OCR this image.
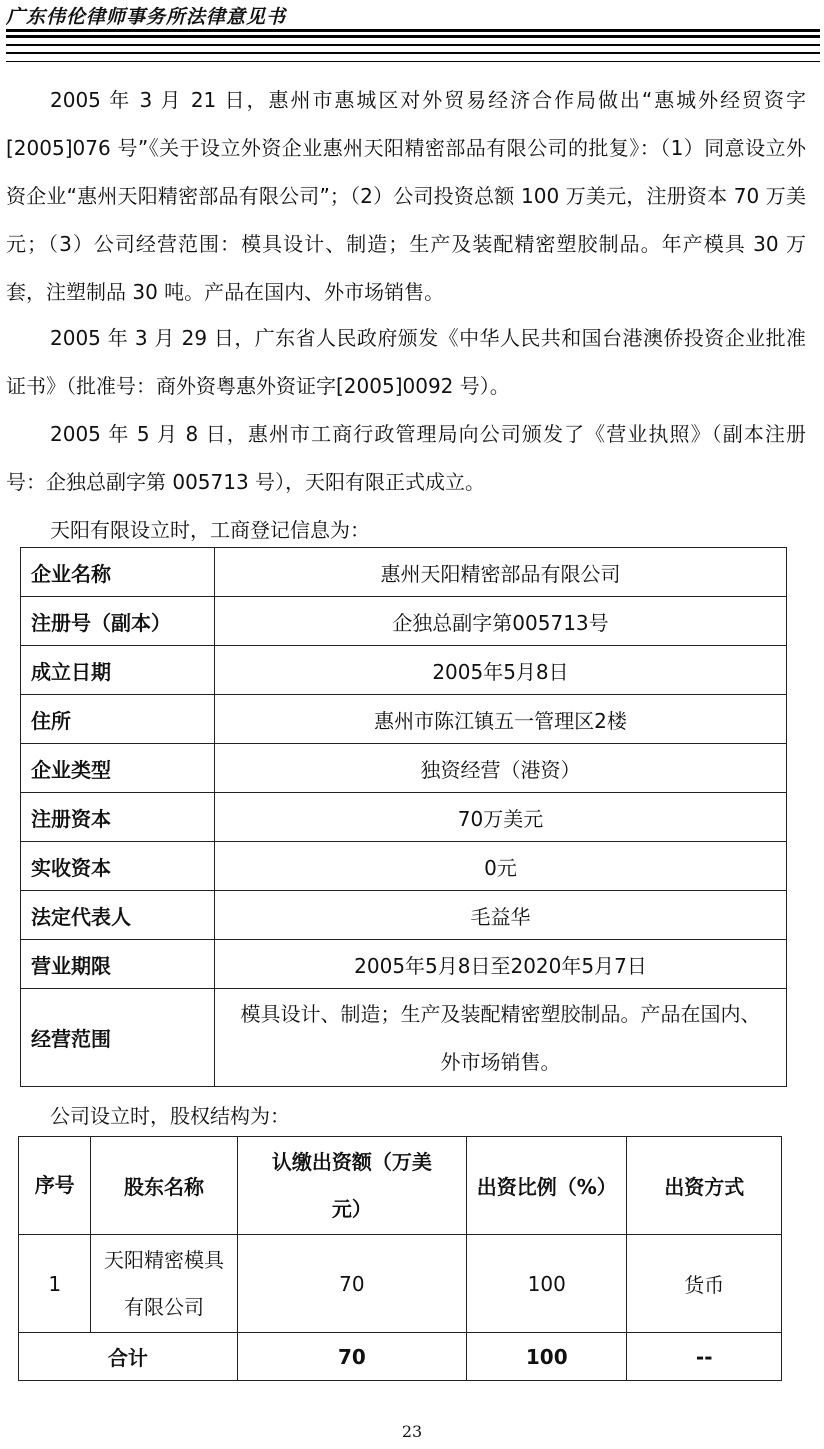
广东伟伦律师事务所法律意见书

2005 年 3 月 21 日，惠州市惠城区对外贸易经济合作局做出“惠城外经贸资字[2005]076 号”《关于设立外资企业惠州天阳精密部品有限公司的批复》：（1）同意设立外资企业“惠州天阳精密部品有限公司”；（2）公司投资总额 100 万美元，注册资本 70 万美元；（3）公司经营范围：模具设计、制造；生产及装配精密塑胶制品。年产模具 30 万套，注塑制品 30 吨。产品在国内、外市场销售。

2005 年 3 月 29 日，广东省人民政府颁发《中华人民共和国台港澳侨投资企业批准证书》（批准号：商外资粤惠外资证字[2005]0092 号）。

2005 年 5 月 8 日，惠州市工商行政管理局向公司颁发了《营业执照》（副本注册号：企独总副字第 005713 号），天阳有限正式成立。

天阳有限设立时，工商登记信息为：

企业名称	惠州天阳精密部品有限公司
注册号（副本）	企独总副字第005713号
成立日期	2005年5月8日
住所	惠州市陈江镇五一管理区2楼
企业类型	独资经营（港资）
注册资本	70万美元
实收资本	0元
法定代表人	毛益华
营业期限	2005年5月8日至2020年5月7日
经营范围	模具设计、制造；生产及装配精密塑胶制品。产品在国内、外市场销售。

公司设立时，股权结构为：

序号	股东名称	认缴出资额（万美元）	出资比例（%）	出资方式
1	天阳精密模具有限公司	70	100	货币
合计		70	100	--
23
